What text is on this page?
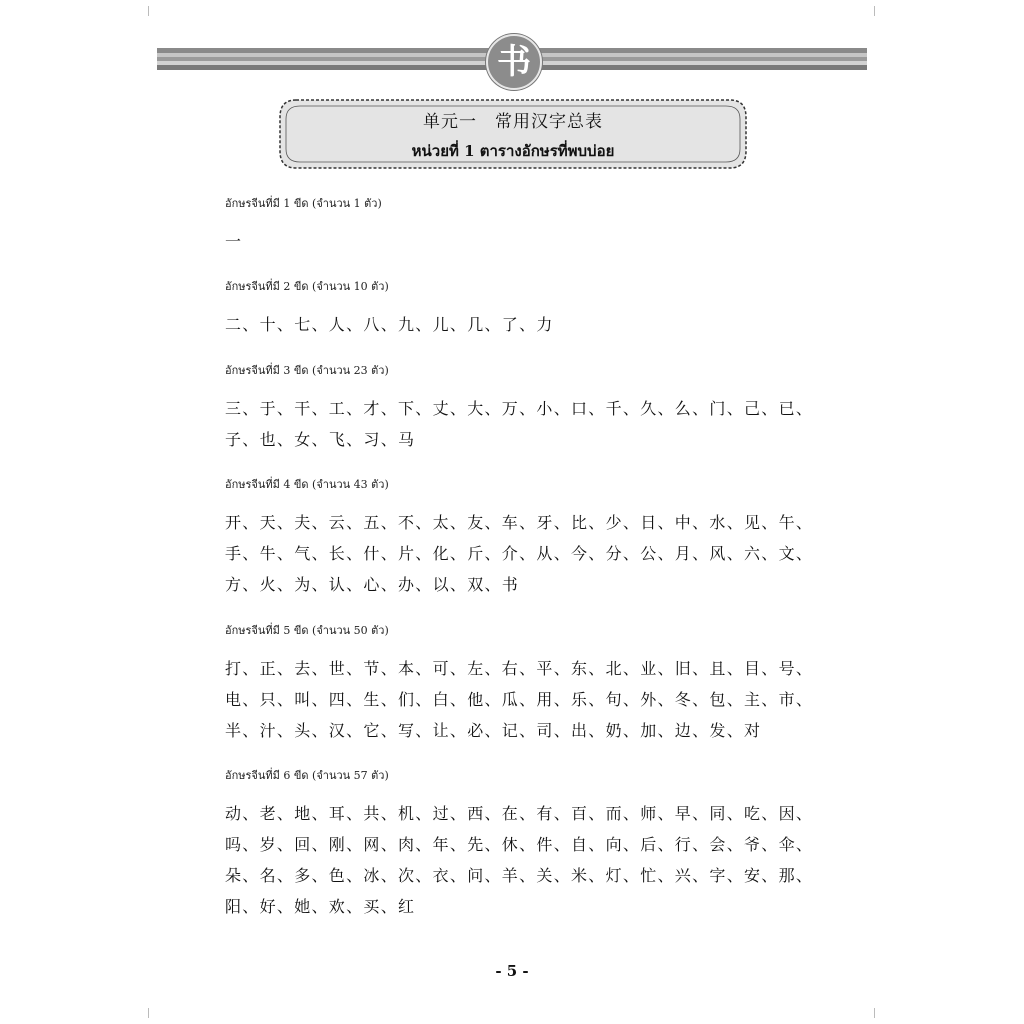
书
单元一　常用汉字总表
หน่วยที่ 1 ตารางอักษรที่พบบ่อย
อักษรจีนที่มี 1 ขีด (จำนวน 1 ตัว)
一
อักษรจีนที่มี 2 ขีด (จำนวน 10 ตัว)
二、十、七、人、八、九、儿、几、了、力
อักษรจีนที่มี 3 ขีด (จำนวน 23 ตัว)
三、于、干、工、才、下、丈、大、万、小、口、千、久、么、门、己、已、
子、也、女、飞、习、马
อักษรจีนที่มี 4 ขีด (จำนวน 43 ตัว)
开、天、夫、云、五、不、太、友、车、牙、比、少、日、中、水、见、午、
手、牛、气、长、什、片、化、斤、介、从、今、分、公、月、风、六、文、
方、火、为、认、心、办、以、双、书
อักษรจีนที่มี 5 ขีด (จำนวน 50 ตัว)
打、正、去、世、节、本、可、左、右、平、东、北、业、旧、且、目、号、
电、只、叫、四、生、们、白、他、瓜、用、乐、句、外、冬、包、主、市、
半、汁、头、汉、它、写、让、必、记、司、出、奶、加、边、发、对
อักษรจีนที่มี 6 ขีด (จำนวน 57 ตัว)
动、老、地、耳、共、机、过、西、在、有、百、而、师、早、同、吃、因、
吗、岁、回、刚、网、肉、年、先、休、件、自、向、后、行、会、爷、伞、
朵、名、多、色、冰、次、衣、问、羊、关、米、灯、忙、兴、字、安、那、
阳、好、她、欢、买、红
- 5 -
